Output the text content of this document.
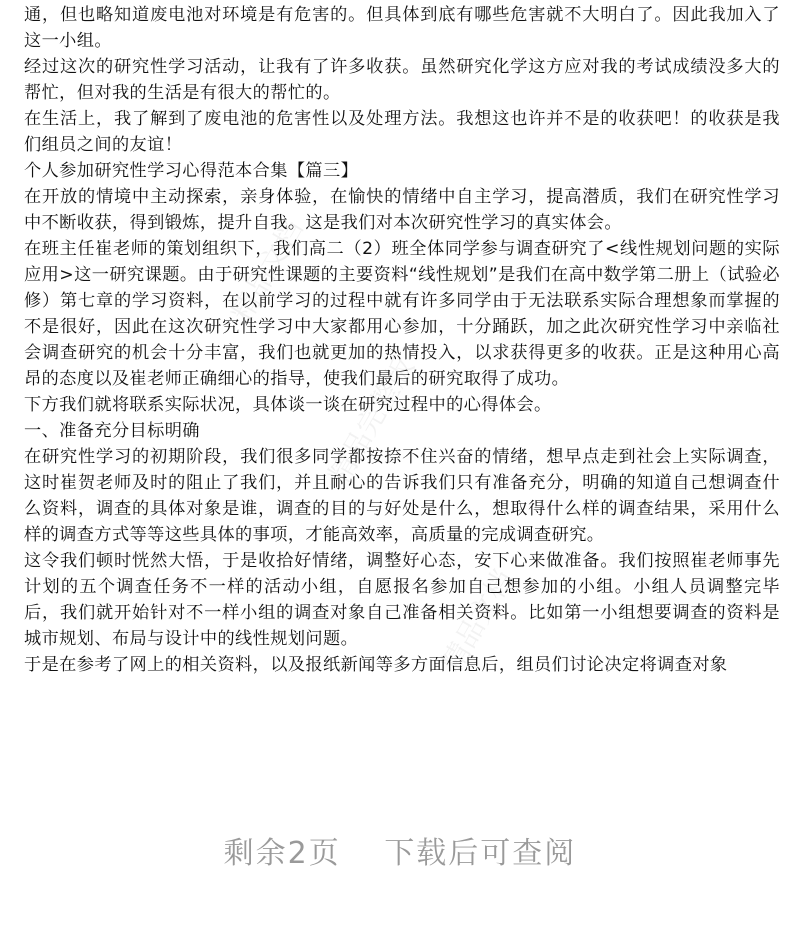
精品文档
精品完整版
精品文档

通，但也略知道废电池对环境是有危害的。但具体到底有哪些危害就不大明白了。因此我加入了这一小组。

经过这次的研究性学习活动，让我有了许多收获。虽然研究化学这方应对我的考试成绩没多大的帮忙，但对我的生活是有很大的帮忙的。

在生活上，我了解到了废电池的危害性以及处理方法。我想这也许并不是的收获吧！的收获是我们组员之间的友谊！

个人参加研究性学习心得范本合集【篇三】

在开放的情境中主动探索，亲身体验，在愉快的情绪中自主学习，提高潜质，我们在研究性学习中不断收获，得到锻炼，提升自我。这是我们对本次研究性学习的真实体会。

在班主任崔老师的策划组织下，我们高二（2）班全体同学参与调查研究了<线性规划问题的实际应用>这一研究课题。由于研究性课题的主要资料“线性规划”是我们在高中数学第二册上（试验必修）第七章的学习资料，在以前学习的过程中就有许多同学由于无法联系实际合理想象而掌握的不是很好，因此在这次研究性学习中大家都用心参加，十分踊跃，加之此次研究性学习中亲临社会调查研究的机会十分丰富，我们也就更加的热情投入，以求获得更多的收获。正是这种用心高昂的态度以及崔老师正确细心的指导，使我们最后的研究取得了成功。

下方我们就将联系实际状况，具体谈一谈在研究过程中的心得体会。

一、准备充分目标明确

在研究性学习的初期阶段，我们很多同学都按捺不住兴奋的情绪，想早点走到社会上实际调查，这时崔贺老师及时的阻止了我们，并且耐心的告诉我们只有准备充分，明确的知道自己想调查什么资料，调查的具体对象是谁，调查的目的与好处是什么，想取得什么样的调查结果，采用什么样的调查方式等等这些具体的事项，才能高效率，高质量的完成调查研究。

这令我们顿时恍然大悟，于是收拾好情绪，调整好心态，安下心来做准备。我们按照崔老师事先计划的五个调查任务不一样的活动小组，自愿报名参加自己想参加的小组。小组人员调整完毕后，我们就开始针对不一样小组的调查对象自己准备相关资料。比如第一小组想要调查的资料是城市规划、布局与设计中的线性规划问题。

于是在参考了网上的相关资料，以及报纸新闻等多方面信息后，组员们讨论决定将调查对象

剩余2页 下载后可查阅
